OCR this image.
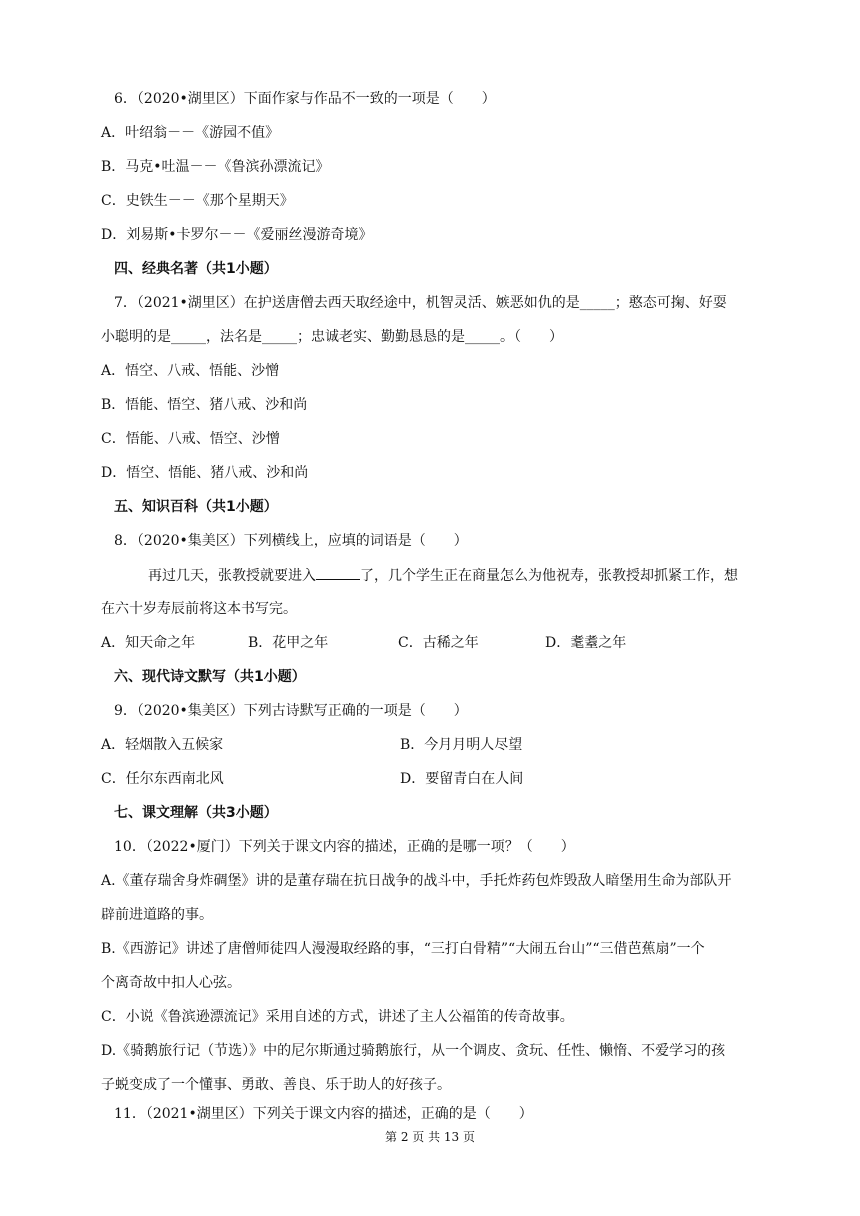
6．（2020•湖里区）下面作家与作品不一致的一项是（　　）
A．叶绍翁－－《游园不值》
B．马克•吐温－－《鲁滨孙漂流记》
C．史铁生－－《那个星期天》
D．刘易斯•卡罗尔－－《爱丽丝漫游奇境》
四、经典名著（共1小题）
7．（2021•湖里区）在护送唐僧去西天取经途中，机智灵活、嫉恶如仇的是_____；憨态可掬、好耍
小聪明的是_____，法名是_____；忠诚老实、勤勤恳恳的是_____。（　　）
A．悟空、八戒、悟能、沙憎
B．悟能、悟空、猪八戒、沙和尚
C．悟能、八戒、悟空、沙憎
D．悟空、悟能、猪八戒、沙和尚
五、知识百科（共1小题）
8．（2020•集美区）下列横线上，应填的词语是（　　）
再过几天，张教授就要进入	了，几个学生正在商量怎么为他祝寿，张教授却抓紧工作，想
在六十岁寿辰前将这本书写完。
A．知天命之年	B．花甲之年	C．古稀之年	D．耄耋之年
六、现代诗文默写（共1小题）
9．（2020•集美区）下列古诗默写正确的一项是（　　）
A．轻烟散入五候家	B．今月月明人尽望
C．任尔东西南北风	D．要留青白在人间
七、课文理解（共3小题）
10．（2022•厦门）下列关于课文内容的描述，正确的是哪一项？（　　）
A.《董存瑞舍身炸碉堡》讲的是董存瑞在抗日战争的战斗中，手托炸药包炸毁敌人暗堡用生命为部队开
辟前进道路的事。
B.《西游记》讲述了唐僧师徒四人漫漫取经路的事，“三打白骨精”“大闹五台山”“三借芭蕉扇”一个
个离奇故中扣人心弦。
C．小说《鲁滨逊漂流记》采用自述的方式，讲述了主人公福笛的传奇故事。
D.《骑鹅旅行记（节选）》中的尼尔斯通过骑鹅旅行，从一个调皮、贪玩、任性、懒惰、不爱学习的孩
子蜕变成了一个懂事、勇敢、善良、乐于助人的好孩子。
11．（2021•湖里区）下列关于课文内容的描述，正确的是（　　）
第 2 页 共 13 页
